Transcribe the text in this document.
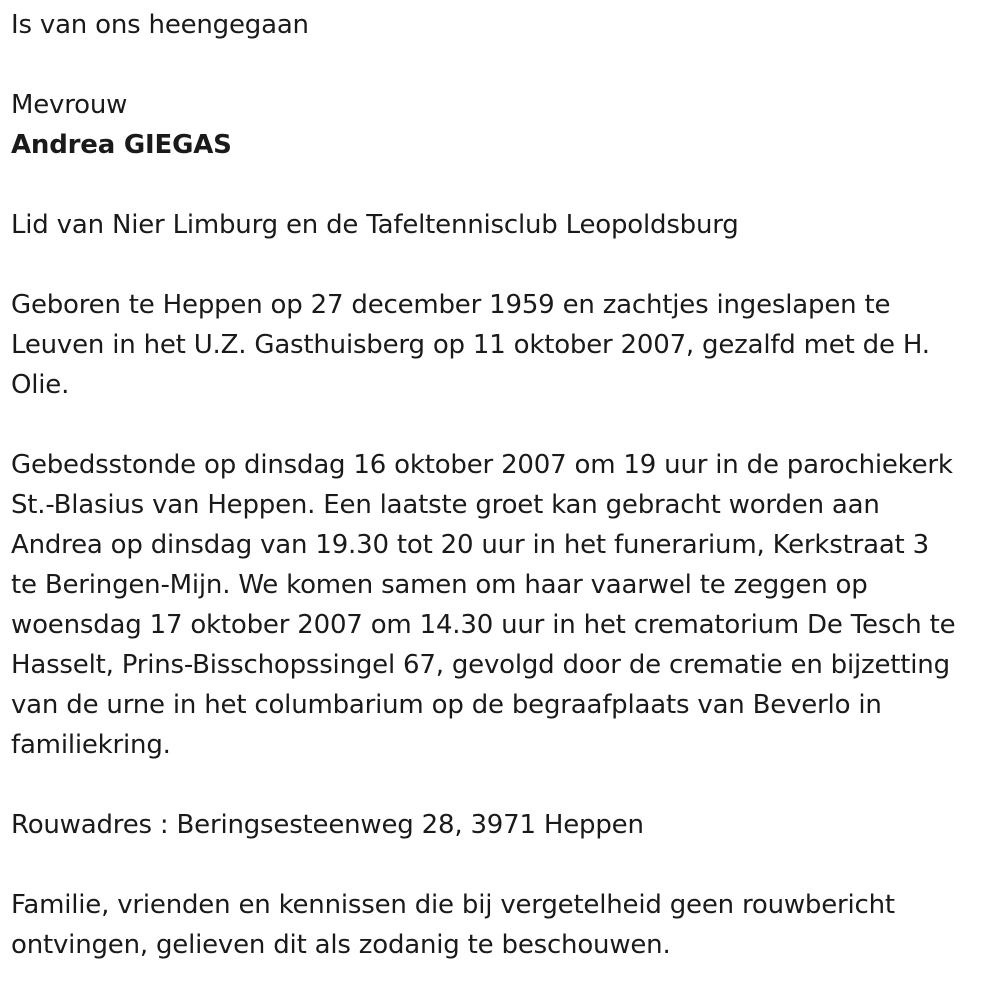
Is van ons heengegaan
Mevrouw
Andrea GIEGAS
Lid van Nier Limburg en de Tafeltennisclub Leopoldsburg
Geboren te Heppen op 27 december 1959 en zachtjes ingeslapen te
Leuven in het U.Z. Gasthuisberg op 11 oktober 2007, gezalfd met de H.
Olie.
Gebedsstonde op dinsdag 16 oktober 2007 om 19 uur in de parochiekerk
St.-Blasius van Heppen. Een laatste groet kan gebracht worden aan
Andrea op dinsdag van 19.30 tot 20 uur in het funerarium, Kerkstraat 3
te Beringen-Mijn. We komen samen om haar vaarwel te zeggen op
woensdag 17 oktober 2007 om 14.30 uur in het crematorium De Tesch te
Hasselt, Prins-Bisschopssingel 67, gevolgd door de crematie en bijzetting
van de urne in het columbarium op de begraafplaats van Beverlo in
familiekring.
Rouwadres : Beringsesteenweg 28, 3971 Heppen
Familie, vrienden en kennissen die bij vergetelheid geen rouwbericht
ontvingen, gelieven dit als zodanig te beschouwen.
